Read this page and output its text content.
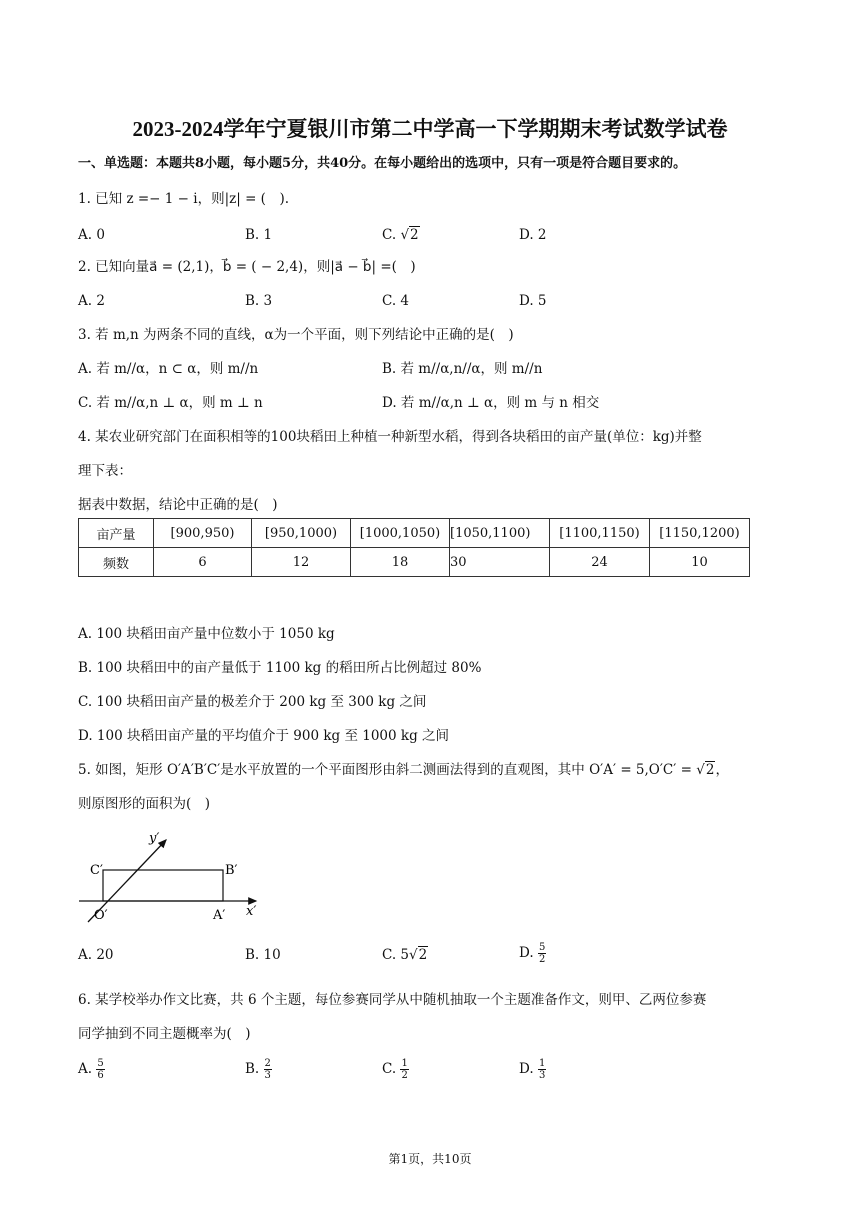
2023-2024学年宁夏银川市第二中学高一下学期期末考试数学试卷
一、单选题：本题共8小题，每小题5分，共40分。在每小题给出的选项中，只有一项是符合题目要求的。
1. 已知 z =− 1 − i，则|z| = (　).
A. 0	B. 1	C. √2	D. 2
2. 已知向量a⃗ = (2,1)，b⃗ = ( − 2,4)，则|a⃗ − b⃗| =(　)
A. 2	B. 3	C. 4	D. 5
3. 若 m,n 为两条不同的直线，α为一个平面，则下列结论中正确的是(　)
A. 若 m//α，n ⊂ α，则 m//n	B. 若 m//α,n//α，则 m//n
C. 若 m//α,n ⊥ α，则 m ⊥ n	D. 若 m//α,n ⊥ α，则 m 与 n 相交
4. 某农业研究部门在面积相等的100块稻田上种植一种新型水稻，得到各块稻田的亩产量(单位：kg)并整
理下表：
据表中数据，结论中正确的是(　)
亩产量	[900,950)	[950,1000)	[1000,1050)	[1050,1100)	[1100,1150)	[1150,1200)
频数	6	12	18	30	24	10
A. 100 块稻田亩产量中位数小于 1050 kg
B. 100 块稻田中的亩产量低于 1100 kg 的稻田所占比例超过 80%
C. 100 块稻田亩产量的极差介于 200 kg 至 300 kg 之间
D. 100 块稻田亩产量的平均值介于 900 kg 至 1000 kg 之间
5. 如图，矩形 O′A′B′C′是水平放置的一个平面图形由斜二测画法得到的直观图，其中 O′A′ = 5,O′C′ = √2，
则原图形的面积为(　)
y′
C′	B′
O′	A′ x′
A. 20	B. 10	C. 5√2	D. $\frac{5}{2}$
6. 某学校举办作文比赛，共 6 个主题，每位参赛同学从中随机抽取一个主题准备作文，则甲、乙两位参赛
同学抽到不同主题概率为(　)
A. $\frac{5}{6}$	B. $\frac{2}{3}$	C. $\frac{1}{2}$	D. $\frac{1}{3}$
第1页，共10页
